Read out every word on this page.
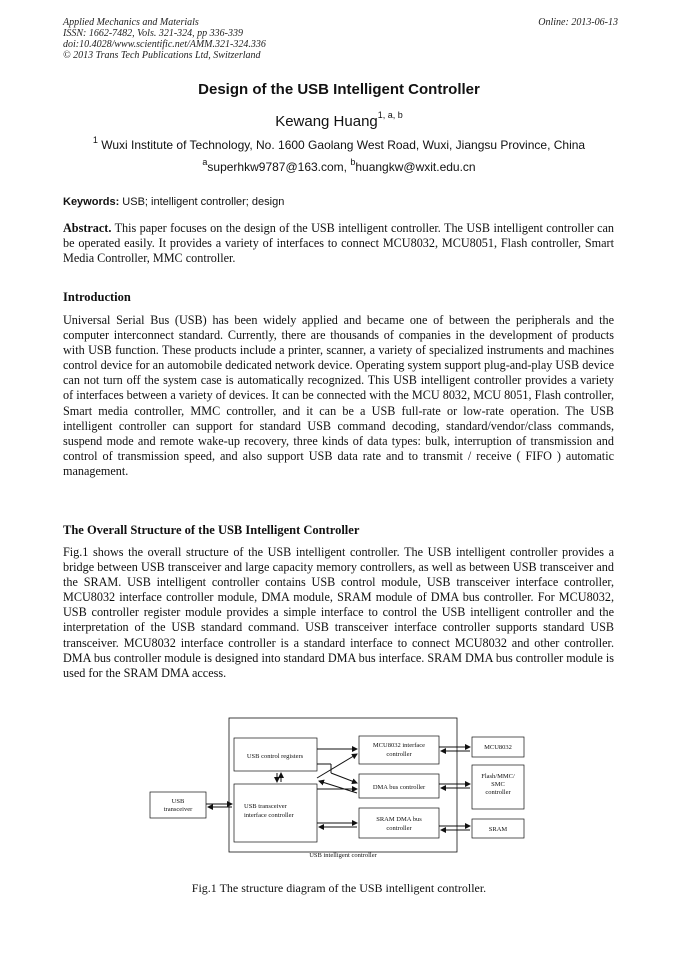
Applied Mechanics and Materials
ISSN: 1662-7482, Vols. 321-324, pp 336-339
doi:10.4028/www.scientific.net/AMM.321-324.336
© 2013 Trans Tech Publications Ltd, Switzerland
Online: 2013-06-13
Design of the USB Intelligent Controller
Kewang Huang$^{1, a, b}$
$^1$ Wuxi Institute of Technology, No. 1600 Gaolang West Road, Wuxi, Jiangsu Province, China
$^a$superhkw9787@163.com, $^b$huangkw@wxit.edu.cn
Keywords: USB; intelligent controller; design
Abstract. This paper focuses on the design of the USB intelligent controller. The USB intelligent controller can be operated easily. It provides a variety of interfaces to connect MCU8032, MCU8051, Flash controller, Smart Media Controller, MMC controller.
Introduction
Universal Serial Bus (USB) has been widely applied and became one of between the peripherals and the computer interconnect standard. Currently, there are thousands of companies in the development of products with USB function. These products include a printer, scanner, a variety of specialized instruments and machines control device for an automobile dedicated network device. Operating system support plug-and-play USB device can not turn off the system case is automatically recognized. This USB intelligent controller provides a variety of interfaces between a variety of devices. It can be connected with the MCU 8032, MCU 8051, Flash controller, Smart media controller, MMC controller, and it can be a USB full-rate or low-rate operation. The USB intelligent controller can support for standard USB command decoding, standard/vendor/class commands, suspend mode and remote wake-up recovery, three kinds of data types: bulk, interruption of transmission and control of transmission speed, and also support USB data rate and to transmit / receive ( FIFO ) automatic management.
The Overall Structure of the USB Intelligent Controller
Fig.1 shows the overall structure of the USB intelligent controller. The USB intelligent controller provides a bridge between USB transceiver and large capacity memory controllers, as well as between USB transceiver and the SRAM. USB intelligent controller contains USB control module, USB transceiver interface controller, MCU8032 interface controller module, DMA module, SRAM module of DMA bus controller. For MCU8032, USB controller register module provides a simple interface to control the USB intelligent controller and the interpretation of the USB standard command. USB transceiver interface controller supports standard USB transceiver. MCU8032 interface controller is a standard interface to connect MCU8032 and other controller. DMA bus controller module is designed into standard DMA bus interface. SRAM DMA bus controller module is used for the SRAM DMA access.
USB intelligent controller
USB
transceiver
USB control registers
USB transceiver
interface controller
MCU8032 interface
controller
DMA bus controller
SRAM DMA bus
controller
MCU8032
Flash/MMC/
SMC
controller
SRAM
Fig.1 The structure diagram of the USB intelligent controller.
